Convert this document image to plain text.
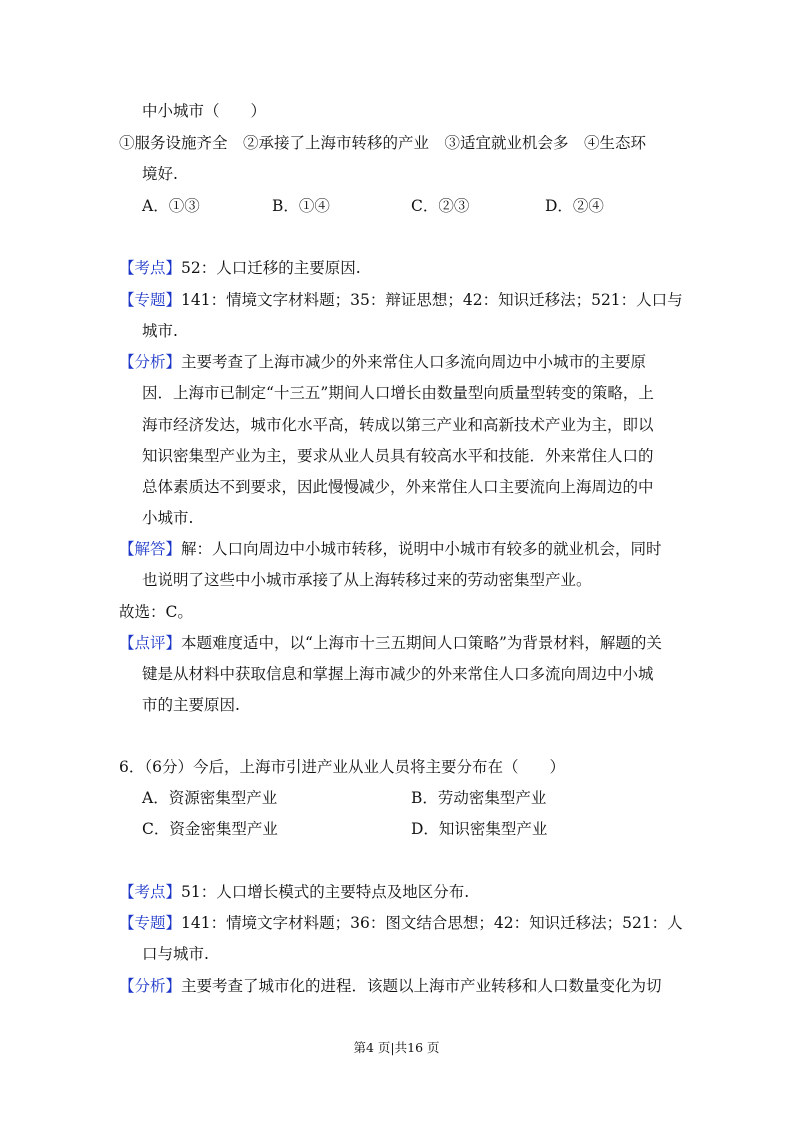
中小城市（　　）
①服务设施齐全　②承接了上海市转移的产业　③适宜就业机会多　④生态环
境好.
A．①③	B．①④	C．②③	D．②④
【考点】52：人口迁移的主要原因.
【专题】141：情境文字材料题；35：辩证思想；42：知识迁移法；521：人口与
城市.
【分析】主要考查了上海市减少的外来常住人口多流向周边中小城市的主要原
因．上海市已制定“十三五”期间人口增长由数量型向质量型转变的策略，上
海市经济发达，城市化水平高，转成以第三产业和高新技术产业为主，即以
知识密集型产业为主，要求从业人员具有较高水平和技能．外来常住人口的
总体素质达不到要求，因此慢慢减少，外来常住人口主要流向上海周边的中
小城市.
【解答】解：人口向周边中小城市转移，说明中小城市有较多的就业机会，同时
也说明了这些中小城市承接了从上海转移过来的劳动密集型产业。
故选：C。
【点评】本题难度适中，以“上海市十三五期间人口策略”为背景材料，解题的关
键是从材料中获取信息和掌握上海市减少的外来常住人口多流向周边中小城
市的主要原因.
6．（6分）今后，上海市引进产业从业人员将主要分布在（　　）
A．资源密集型产业	B．劳动密集型产业
C．资金密集型产业	D．知识密集型产业
【考点】51：人口增长模式的主要特点及地区分布.
【专题】141：情境文字材料题；36：图文结合思想；42：知识迁移法；521：人
口与城市.
【分析】主要考查了城市化的进程．该题以上海市产业转移和人口数量变化为切
第4 页|共16 页
